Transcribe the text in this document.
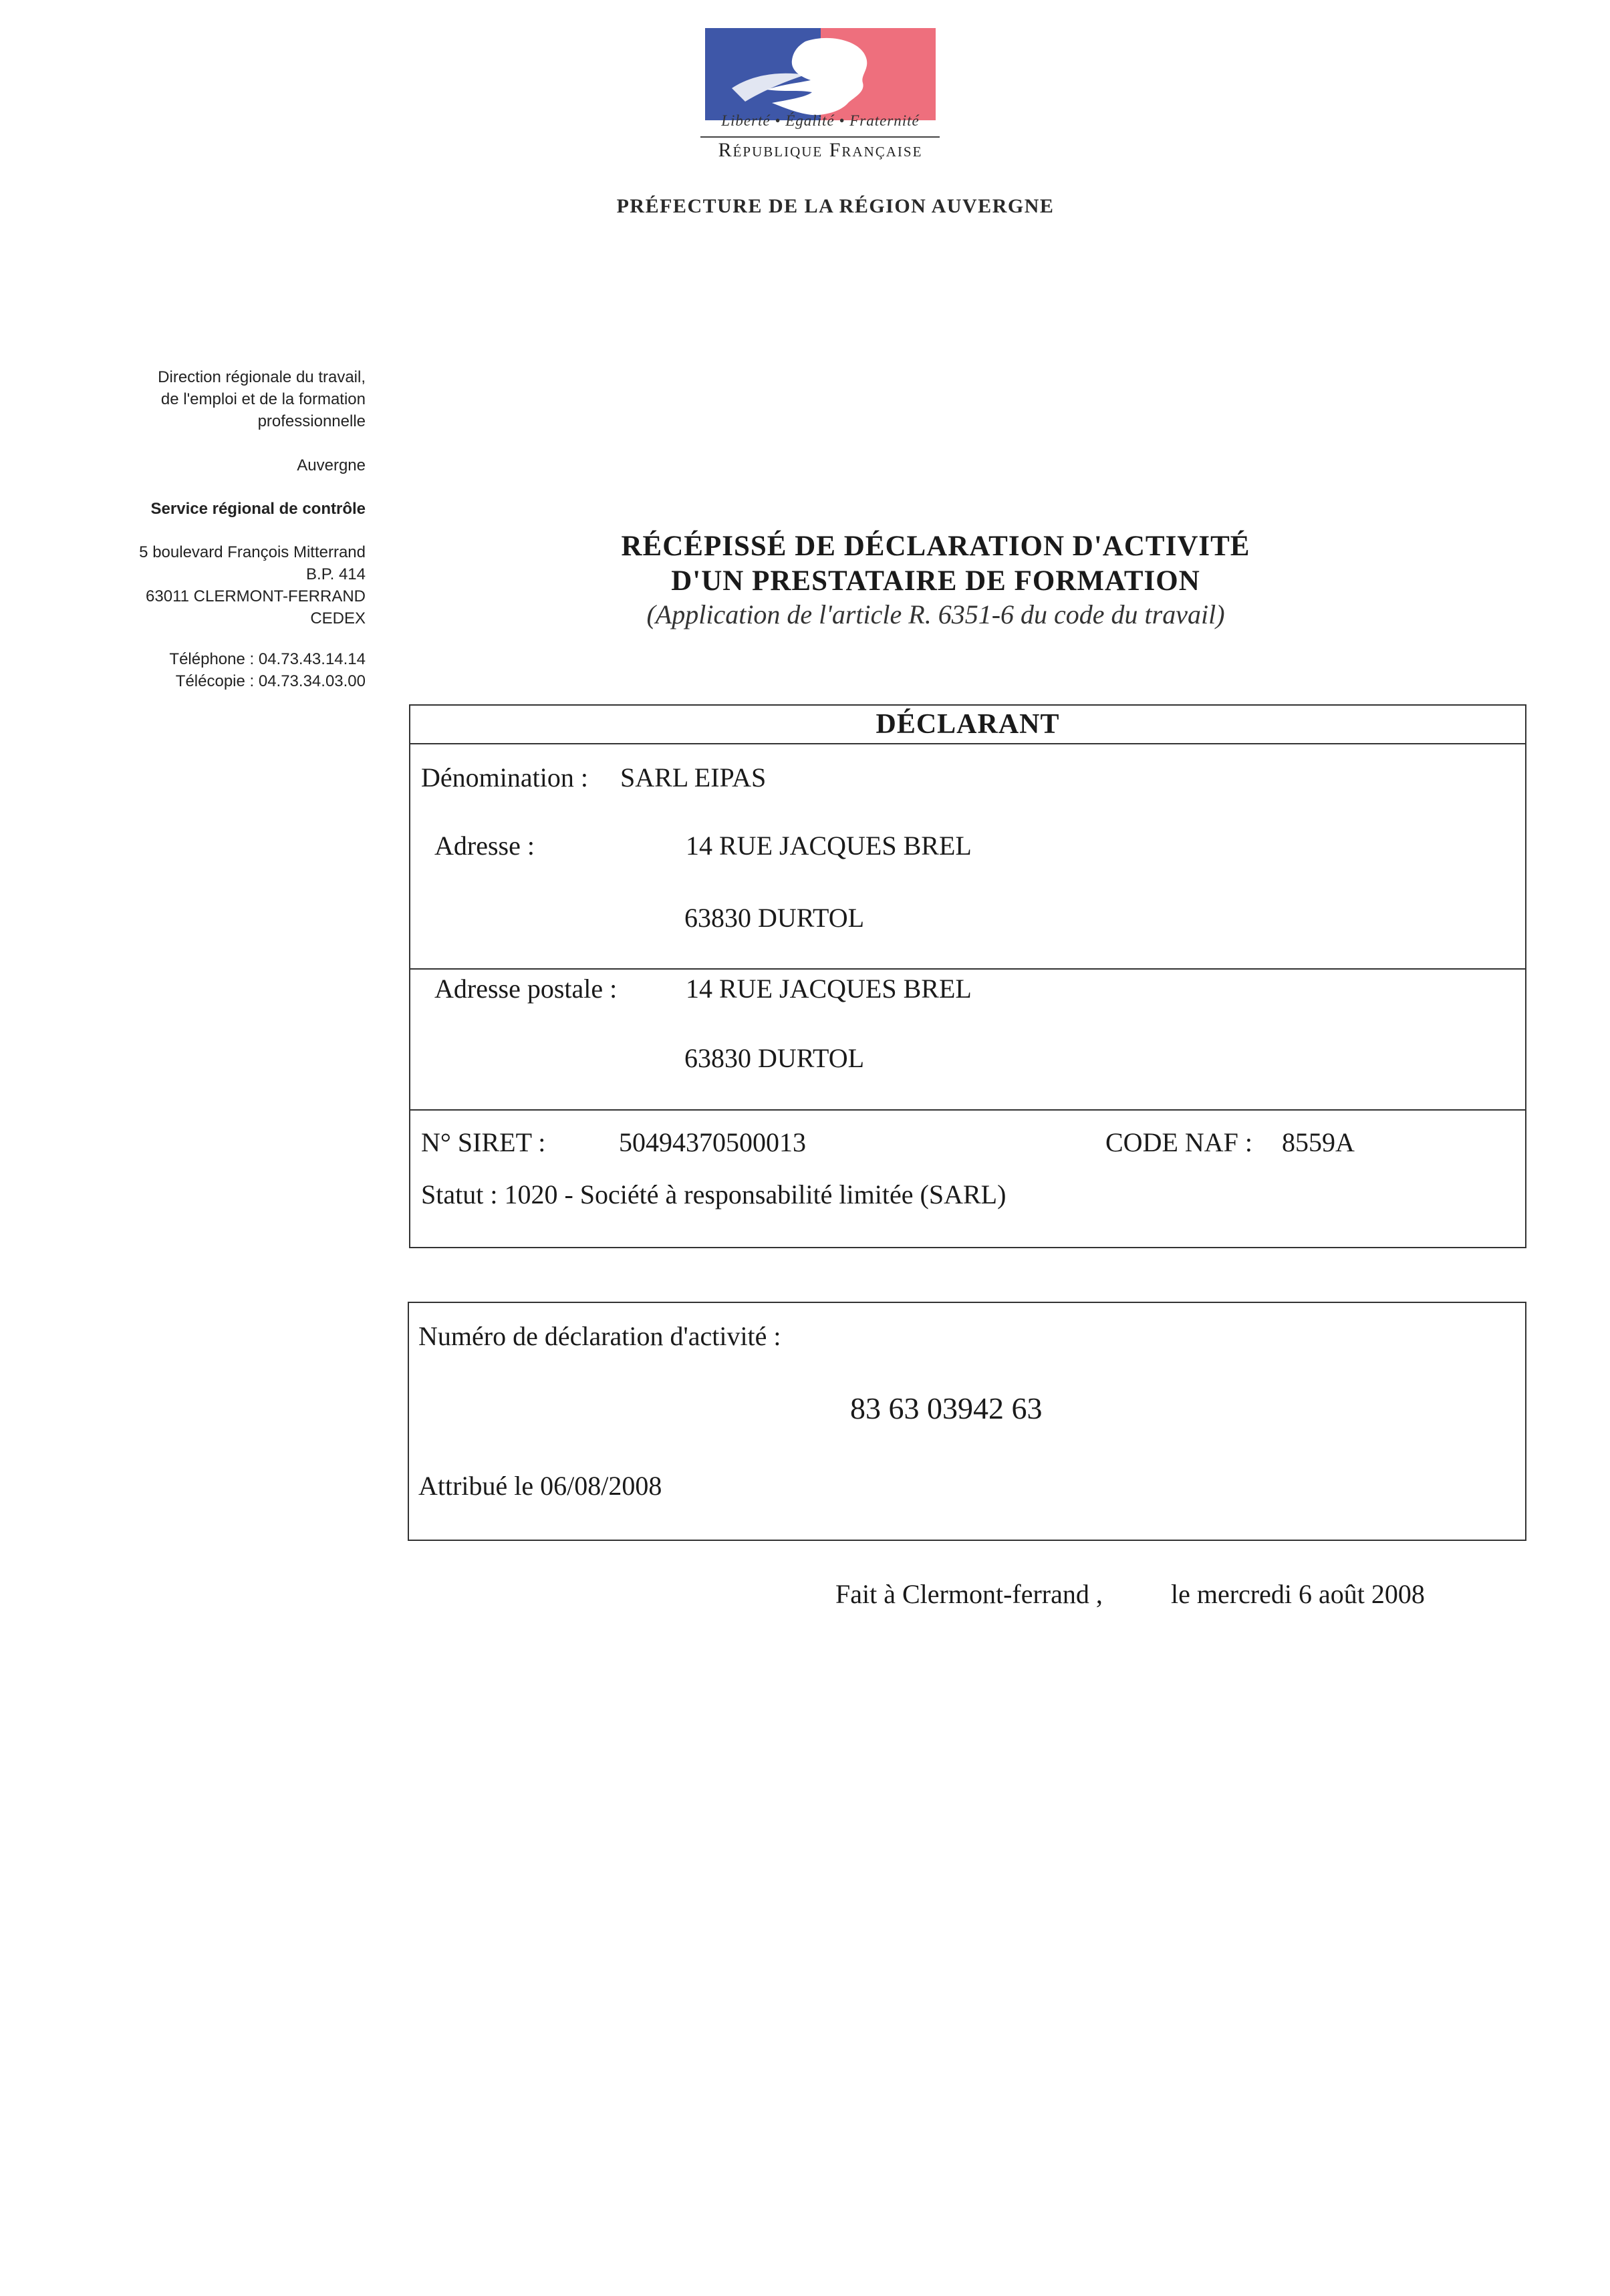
Liberté • Égalité • Fraternité
République Française
PRÉFECTURE DE LA RÉGION AUVERGNE
Direction régionale du travail,
de l'emploi et de la formation
professionnelle
Auvergne
Service régional de contrôle
5 boulevard François Mitterrand
B.P. 414
63011 CLERMONT-FERRAND
CEDEX
Téléphone : 04.73.43.14.14
Télécopie : 04.73.34.03.00
RÉCÉPISSÉ DE DÉCLARATION D'ACTIVITÉ
D'UN PRESTATAIRE DE FORMATION
(Application de l'article R. 6351-6 du code du travail)
DÉCLARANT
Dénomination : SARL EIPAS
Adresse :	14 RUE JACQUES BREL
63830 DURTOL
Adresse postale :	14 RUE JACQUES BREL
63830 DURTOL
N° SIRET :	50494370500013	CODE NAF : 8559A
Statut : 1020 - Société à responsabilité limitée (SARL)
Numéro de déclaration d'activité :
83 63 03942 63
Attribué le 06/08/2008
Fait à Clermont-ferrand ,	le mercredi 6 août 2008
